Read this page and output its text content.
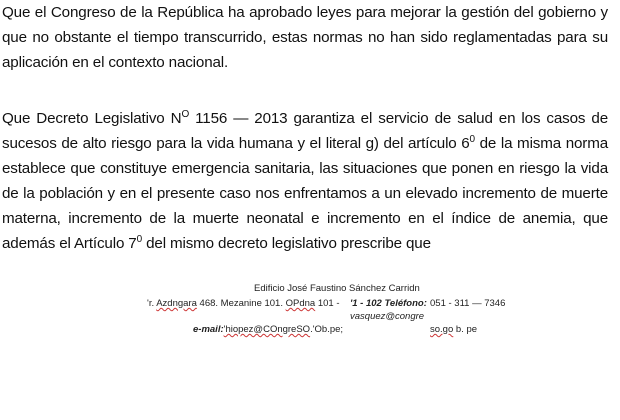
Que el Congreso de la República ha aprobado leyes para mejorar la gestión del gobierno y que no obstante el tiempo transcurrido, estas normas no han sido reglamentadas para su aplicación en el contexto nacional.
Que Decreto Legislativo $N^O$ 1156 — 2013 garantiza el servicio de salud en los casos de sucesos de alto riesgo para la vida humana y el literal g) del artículo $6^0$ de la misma norma establece que constituye emergencia sanitaria, las situaciones que ponen en riesgo la vida de la población y en el presente caso nos enfrentamos a un elevado incremento de muerte materna, incremento de la muerte neonatal e incremento en el índice de anemia, que además el Artículo $7^0$ del mismo decreto legislativo prescribe que
Edificio José Faustino Sánchez Carridn
'r. Azdngara 468. Mezanine 101. OPdna 101 - '1 - 102 Teléfono: 051 - 311 — 7346
vasquez@congre
e-mail:'hiopez@COngreSO.'Ob.pe;	so.go b. pe
